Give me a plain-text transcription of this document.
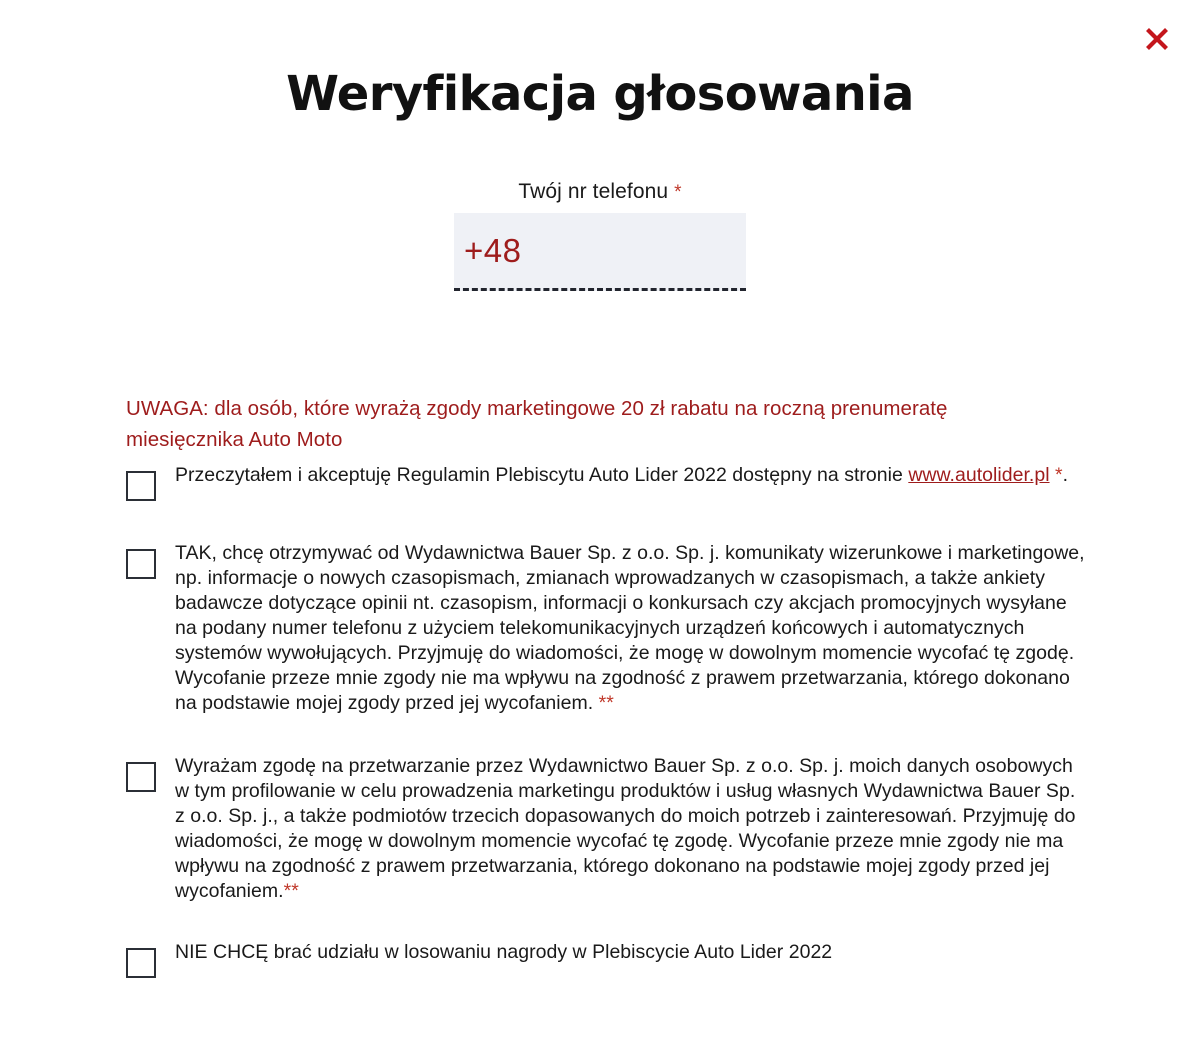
Weryfikacja głosowania
Twój nr telefonu *
+48

UWAGA: dla osób, które wyrażą zgody marketingowe 20 zł rabatu na roczną prenumeratę miesięcznika Auto Moto

Przeczytałem i akceptuję Regulamin Plebiscytu Auto Lider 2022 dostępny na stronie www.autolider.pl *.
TAK, chcę otrzymywać od Wydawnictwa Bauer Sp. z o.o. Sp. j. komunikaty wizerunkowe i marketingowe, np. informacje o nowych czasopismach, zmianach wprowadzanych w czasopismach, a także ankiety badawcze dotyczące opinii nt. czasopism, informacji o konkursach czy akcjach promocyjnych wysyłane na podany numer telefonu z użyciem telekomunikacyjnych urządzeń końcowych i automatycznych systemów wywołujących. Przyjmuję do wiadomości, że mogę w dowolnym momencie wycofać tę zgodę. Wycofanie przeze mnie zgody nie ma wpływu na zgodność z prawem przetwarzania, którego dokonano na podstawie mojej zgody przed jej wycofaniem. **
Wyrażam zgodę na przetwarzanie przez Wydawnictwo Bauer Sp. z o.o. Sp. j. moich danych osobowych w tym profilowanie w celu prowadzenia marketingu produktów i usług własnych Wydawnictwa Bauer Sp. z o.o. Sp. j., a także podmiotów trzecich dopasowanych do moich potrzeb i zainteresowań. Przyjmuję do wiadomości, że mogę w dowolnym momencie wycofać tę zgodę. Wycofanie przeze mnie zgody nie ma wpływu na zgodność z prawem przetwarzania, którego dokonano na podstawie mojej zgody przed jej wycofaniem.**
NIE CHCĘ brać udziału w losowaniu nagrody w Plebiscycie Auto Lider 2022
